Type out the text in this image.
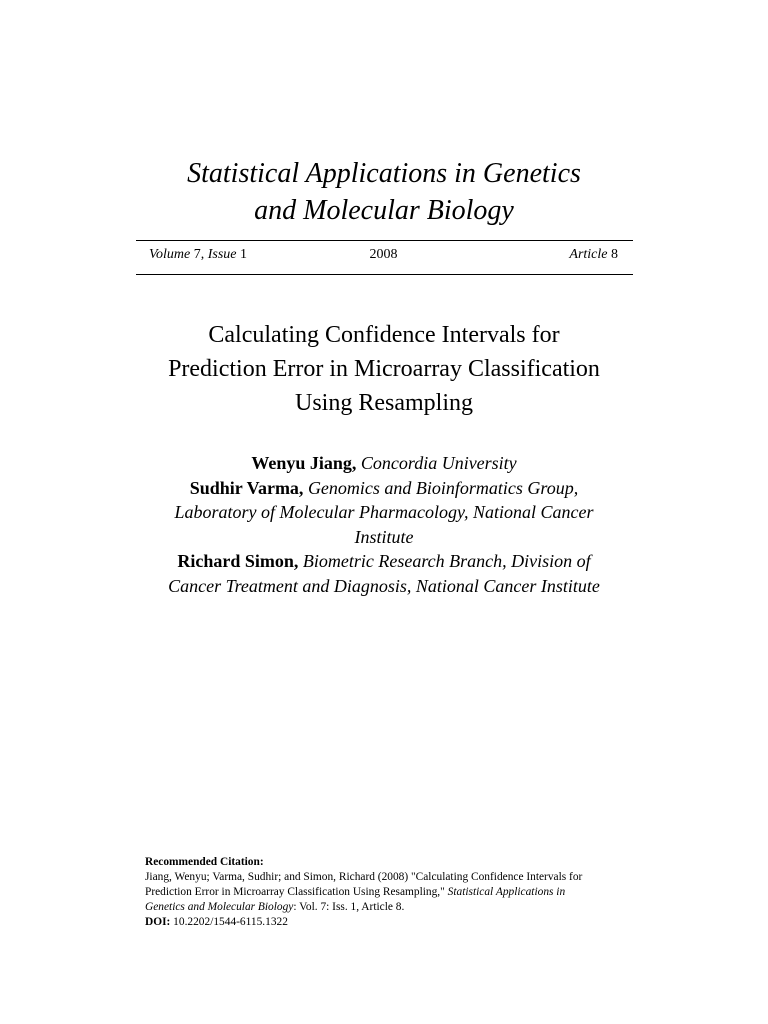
Statistical Applications in Genetics
and Molecular Biology
Volume 7, Issue 1	2008	Article 8
Calculating Confidence Intervals for
Prediction Error in Microarray Classification
Using Resampling
Wenyu Jiang, Concordia University
Sudhir Varma, Genomics and Bioinformatics Group,
Laboratory of Molecular Pharmacology, National Cancer
Institute
Richard Simon, Biometric Research Branch, Division of
Cancer Treatment and Diagnosis, National Cancer Institute
Recommended Citation:
Jiang, Wenyu; Varma, Sudhir; and Simon, Richard (2008) "Calculating Confidence Intervals for
Prediction Error in Microarray Classification Using Resampling," Statistical Applications in
Genetics and Molecular Biology: Vol. 7: Iss. 1, Article 8.
DOI: 10.2202/1544-6115.1322
